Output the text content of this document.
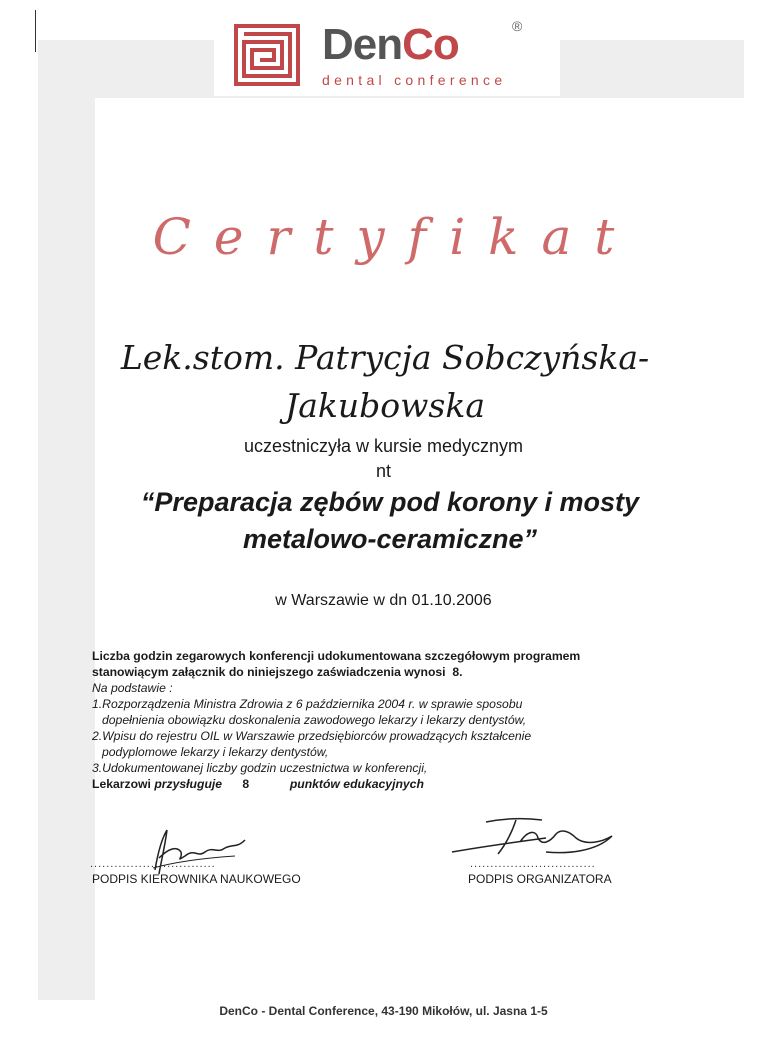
DenCo	®
dental conference
Certyfikat
Lek.stom. Patrycja Sobczyńska-
Jakubowska
uczestniczyła w kursie medycznym
nt
“Preparacja zębów pod korony i mosty
metalowo-ceramiczne”
w Warszawie w dn 01.10.2006

Liczba godzin zegarowych konferencji udokumentowana szczegółowym programem

stanowiącym załącznik do niniejszego zaświadczenia wynosi 8.

Na podstawie :

1.Rozporządzenia Ministra Zdrowia z 6 października 2004 r. w sprawie sposobu

dopełnienia obowiązku doskonalenia zawodowego lekarzy i lekarzy dentystów,

2.Wpisu do rejestru OIL w Warszawie przedsiębiorców prowadzących kształcenie

podyplomowe lekarzy i lekarzy dentystów,

3.Udokumentowanej liczby godzin uczestnictwa w konferencji,

Lekarzowi przysługuje 8	punktów edukacyjnych

...............................
PODPIS KIEROWNIKA NAUKOWEGO
...............................
PODPIS ORGANIZATORA
DenCo - Dental Conference, 43-190 Mikołów, ul. Jasna 1-5
